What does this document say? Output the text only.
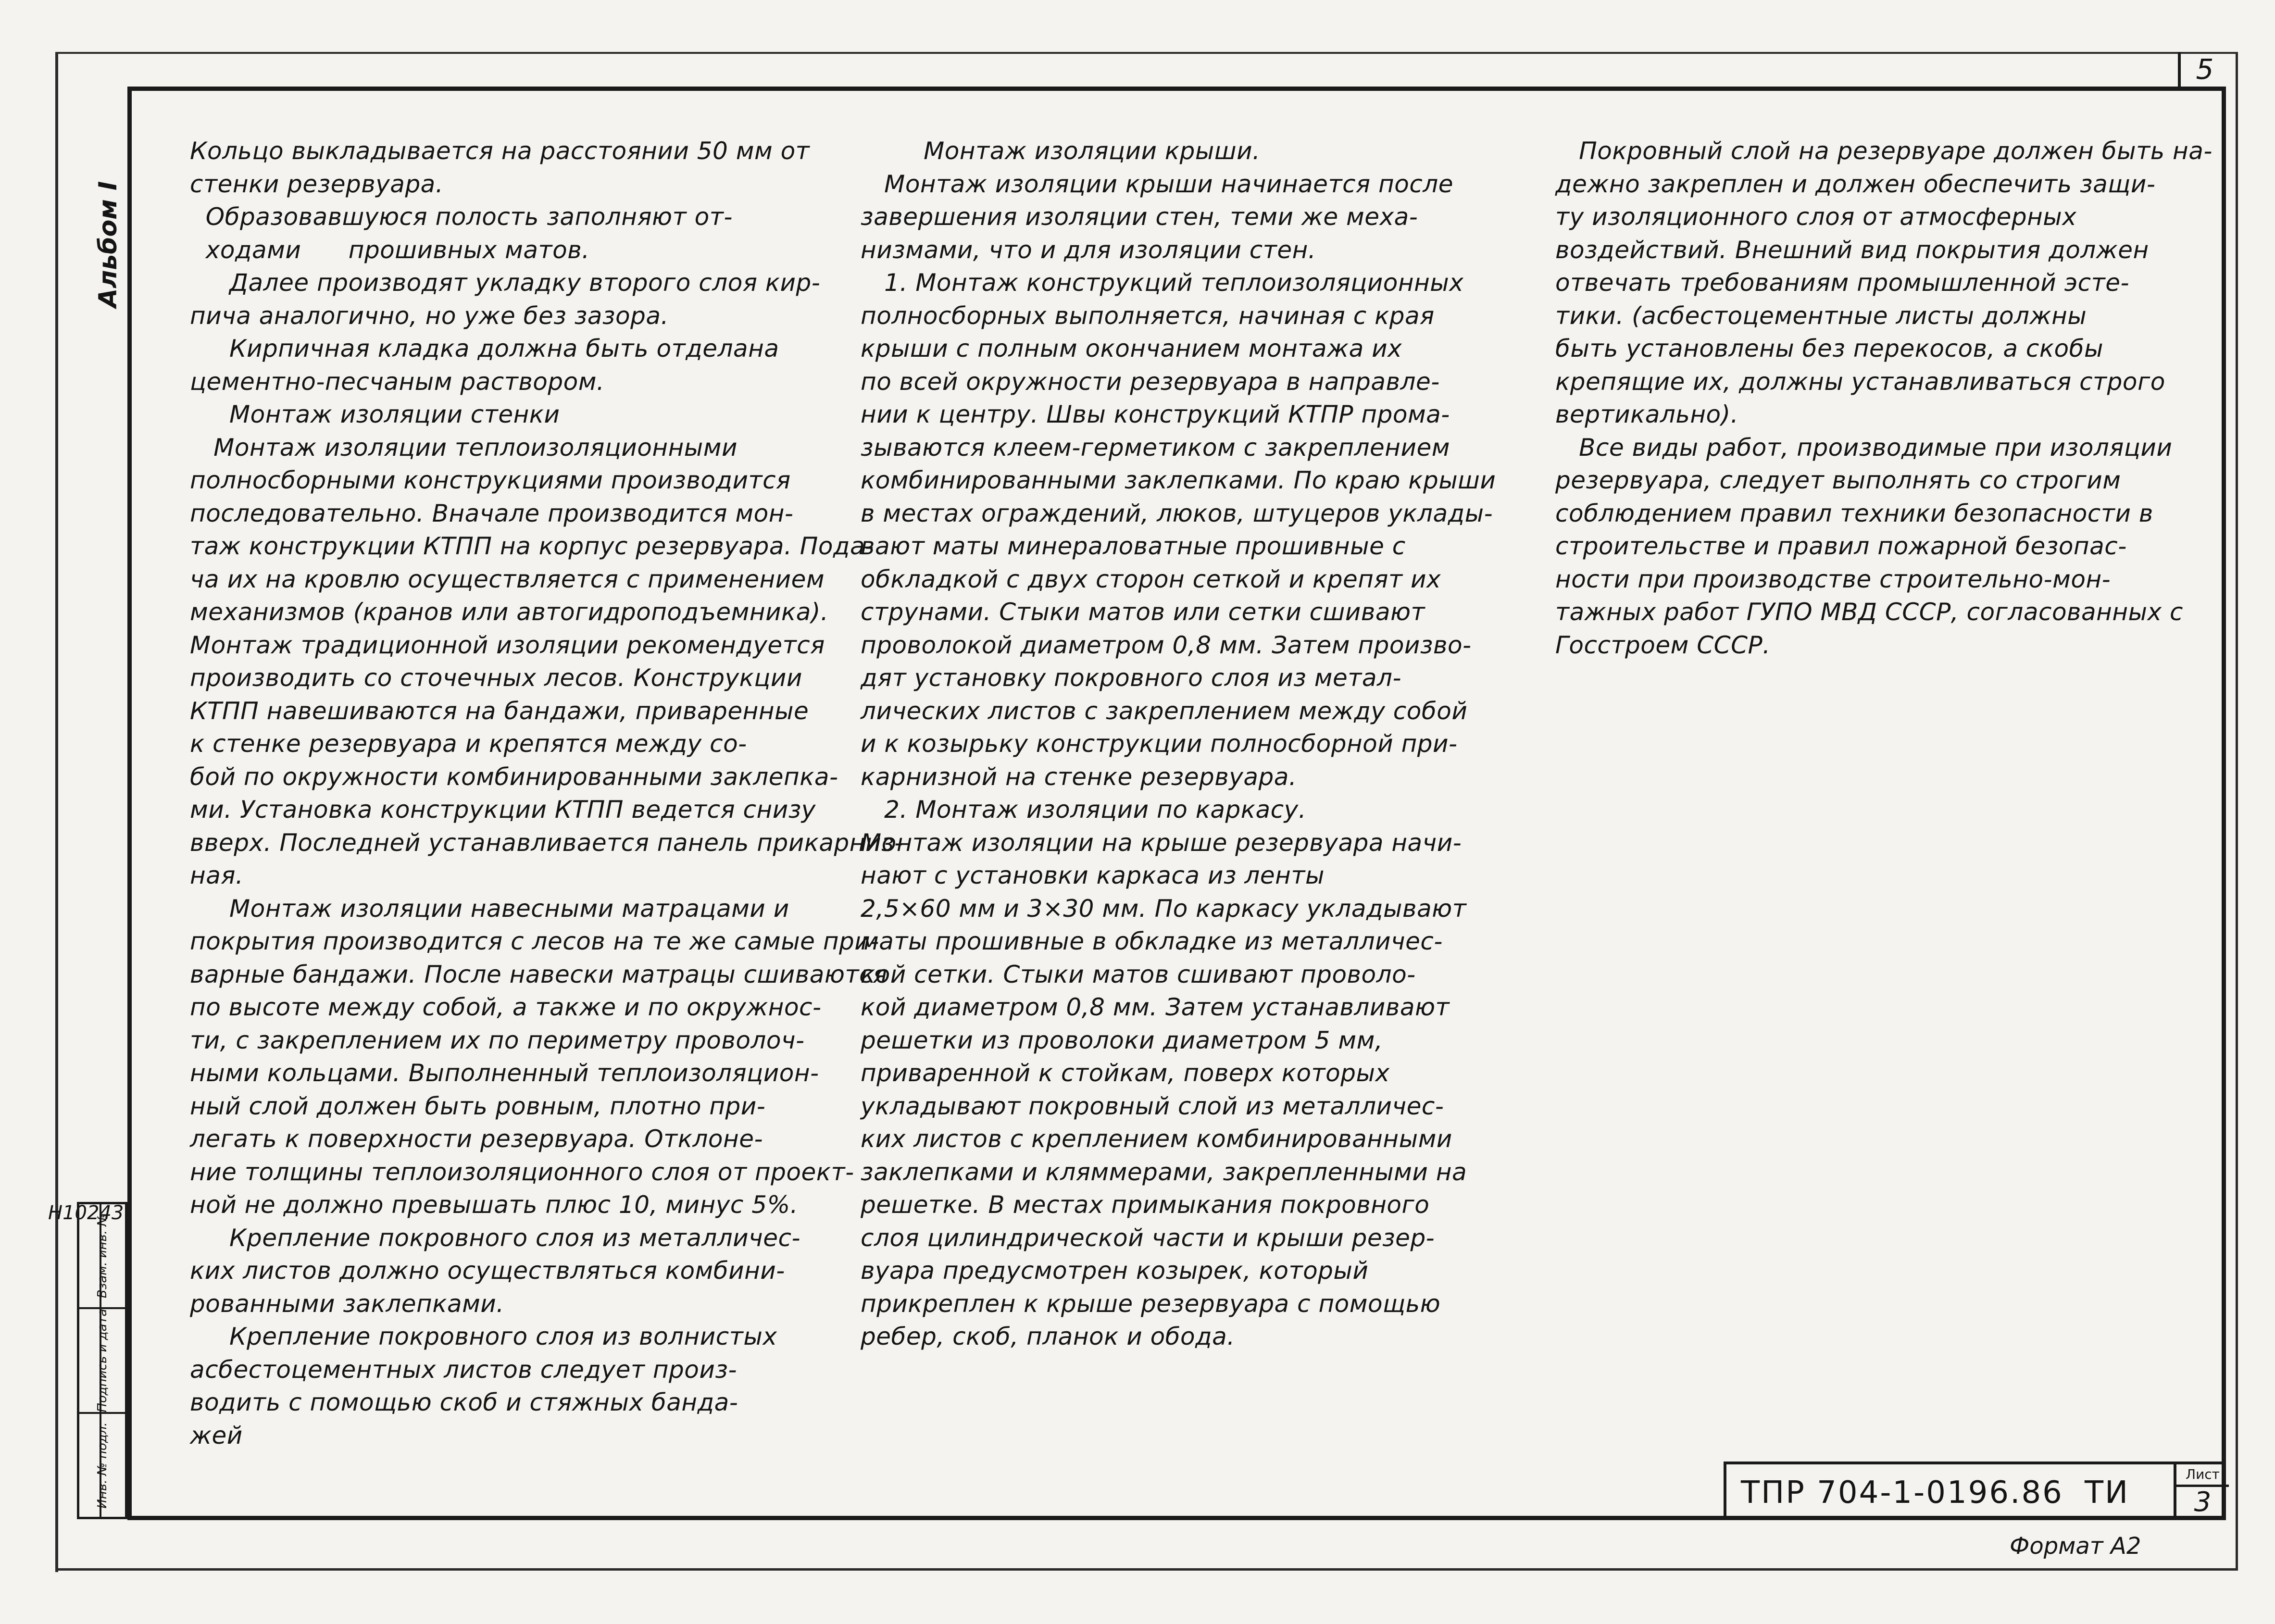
5
Альбом I
Н10243
Взам. инв. №
Подпись и дата
Инв. № подл.

Кольцо выкладывается на расстоянии 50 мм от

стенки резервуара.

Образовавшуюся полость заполняют от-

ходами      прошивных матов.

Далее производят укладку второго слоя кир-

пича аналогично, но уже без зазора.

Кирпичная кладка должна быть отделана

цементно-песчаным раствором.

Монтаж изоляции стенки

Монтаж изоляции теплоизоляционными

полносборными конструкциями производится

последовательно. Вначале производится мон-

таж конструкции КТПП на корпус резервуара. Пода-

ча их на кровлю осуществляется с применением

механизмов (кранов или автогидроподъемника).

Монтаж традиционной изоляции рекомендуется

производить со сточечных лесов. Конструкции

КТПП навешиваются на бандажи, приваренные

к стенке резервуара и крепятся между со-

бой по окружности комбинированными заклепка-

ми. Установка конструкции КТПП ведется снизу

вверх. Последней устанавливается панель прикарниз-

ная.

Монтаж изоляции навесными матрацами и

покрытия производится с лесов на те же самые при-

варные бандажи. После навески матрацы сшиваются

по высоте между собой, а также и по окружнос-

ти, с закреплением их по периметру проволоч-

ными кольцами. Выполненный теплоизоляцион-

ный слой должен быть ровным, плотно при-

легать к поверхности резервуара. Отклоне-

ние толщины теплоизоляционного слоя от проект-

ной не должно превышать плюс 10, минус 5%.

Крепление покровного слоя из металличес-

ких листов должно осуществляться комбини-

рованными заклепками.

Крепление покровного слоя из волнистых

асбестоцементных листов следует произ-

водить с помощью скоб и стяжных банда-

жей

Монтаж изоляции крыши.

Монтаж изоляции крыши начинается после

завершения изоляции стен, теми же меха-

низмами, что и для изоляции стен.

1. Монтаж конструкций теплоизоляционных

полносборных выполняется, начиная с края

крыши с полным окончанием монтажа их

по всей окружности резервуара в направле-

нии к центру. Швы конструкций КТПР прома-

зываются клеем-герметиком с закреплением

комбинированными заклепками. По краю крыши

в местах ограждений, люков, штуцеров уклады-

вают маты минераловатные прошивные с

обкладкой с двух сторон сеткой и крепят их

струнами. Стыки матов или сетки сшивают

проволокой диаметром 0,8 мм. Затем произво-

дят установку покровного слоя из метал-

лических листов с закреплением между собой

и к козырьку конструкции полносборной при-

карнизной на стенке резервуара.

2. Монтаж изоляции по каркасу.

Монтаж изоляции на крыше резервуара начи-

нают с установки каркаса из ленты

2,5×60 мм и 3×30 мм. По каркасу укладывают

маты прошивные в обкладке из металличес-

кой сетки. Стыки матов сшивают проволо-

кой диаметром 0,8 мм. Затем устанавливают

решетки из проволоки диаметром 5 мм,

приваренной к стойкам, поверх которых

укладывают покровный слой из металличес-

ких листов с креплением комбинированными

заклепками и кляммерами, закрепленными на

решетке. В местах примыкания покровного

слоя цилиндрической части и крыши резер-

вуара предусмотрен козырек, который

прикреплен к крыше резервуара с помощью

ребер, скоб, планок и обода.

Покровный слой на резервуаре должен быть на-

дежно закреплен и должен обеспечить защи-

ту изоляционного слоя от атмосферных

воздействий. Внешний вид покрытия должен

отвечать требованиям промышленной эсте-

тики. (асбестоцементные листы должны

быть установлены без перекосов, а скобы

крепящие их, должны устанавливаться строго

вертикально).

Все виды работ, производимые при изоляции

резервуара, следует выполнять со строгим

соблюдением правил техники безопасности в

строительстве и правил пожарной безопас-

ности при производстве строительно-мон-

тажных работ ГУПО МВД СССР, согласованных с

Госстроем СССР.

ТПР 704-1-0196.86 ТИ
Лист
3
Формат А2
